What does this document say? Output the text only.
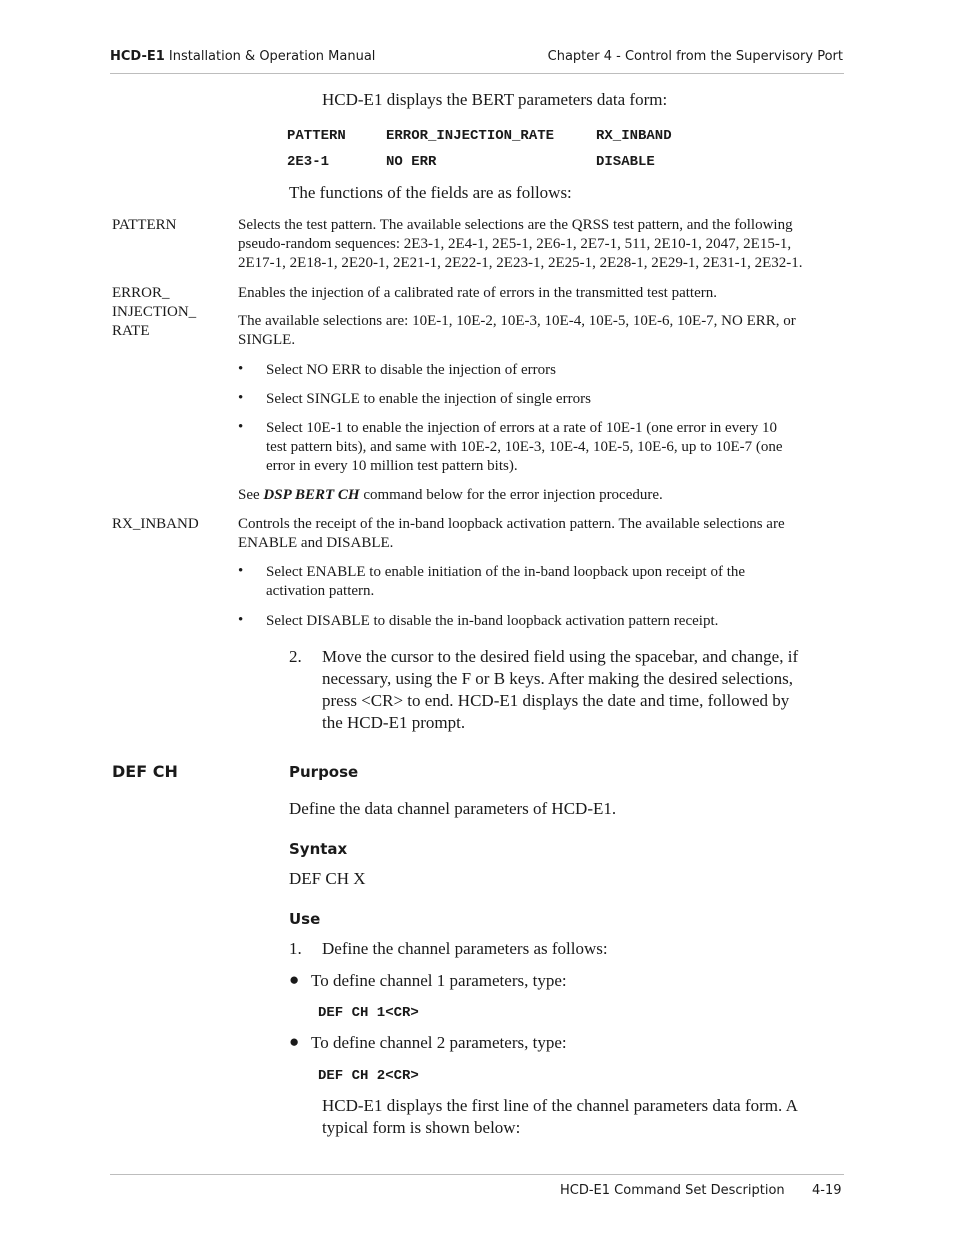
HCD-E1 Installation & Operation Manual	Chapter 4 - Control from the Supervisory Port
HCD-E1 displays the BERT parameters data form:
PATTERN	ERROR_INJECTION_RATE	RX_INBAND
2E3-1	NO ERR	DISABLE
The functions of the fields are as follows:
PATTERN	Selects the test pattern. The available selections are the QRSS test pattern, and the following
pseudo-random sequences: 2E3-1, 2E4-1, 2E5-1, 2E6-1, 2E7-1, 511, 2E10-1, 2047, 2E15-1,
2E17-1, 2E18-1, 2E20-1, 2E21-1, 2E22-1, 2E23-1, 2E25-1, 2E28-1, 2E29-1, 2E31-1, 2E32-1.
ERROR_
INJECTION_
RATE
Enables the injection of a calibrated rate of errors in the transmitted test pattern.
The available selections are: 10E-1, 10E-2, 10E-3, 10E-4, 10E-5, 10E-6, 10E-7, NO ERR, or
SINGLE.
• Select NO ERR to disable the injection of errors
• Select SINGLE to enable the injection of single errors
• Select 10E-1 to enable the injection of errors at a rate of 10E-1 (one error in every 10
test pattern bits), and same with 10E-2, 10E-3, 10E-4, 10E-5, 10E-6, up to 10E-7 (one
error in every 10 million test pattern bits).
See DSP BERT CH command below for the error injection procedure.
RX_INBAND	Controls the receipt of the in-band loopback activation pattern. The available selections are
ENABLE and DISABLE.
• Select ENABLE to enable initiation of the in-band loopback upon receipt of the
activation pattern.
• Select DISABLE to disable the in-band loopback activation pattern receipt.
2. Move the cursor to the desired field using the spacebar, and change, if
necessary, using the F or B keys. After making the desired selections,
press <CR> to end. HCD-E1 displays the date and time, followed by
the HCD-E1 prompt.
DEF CH	Purpose
Define the data channel parameters of HCD-E1.
Syntax
DEF CH X
Use
1. Define the channel parameters as follows:
● To define channel 1 parameters, type:
DEF CH 1<CR>
● To define channel 2 parameters, type:
DEF CH 2<CR>
HCD-E1 displays the first line of the channel parameters data form. A
typical form is shown below:
HCD-E1 Command Set Description 4-19
